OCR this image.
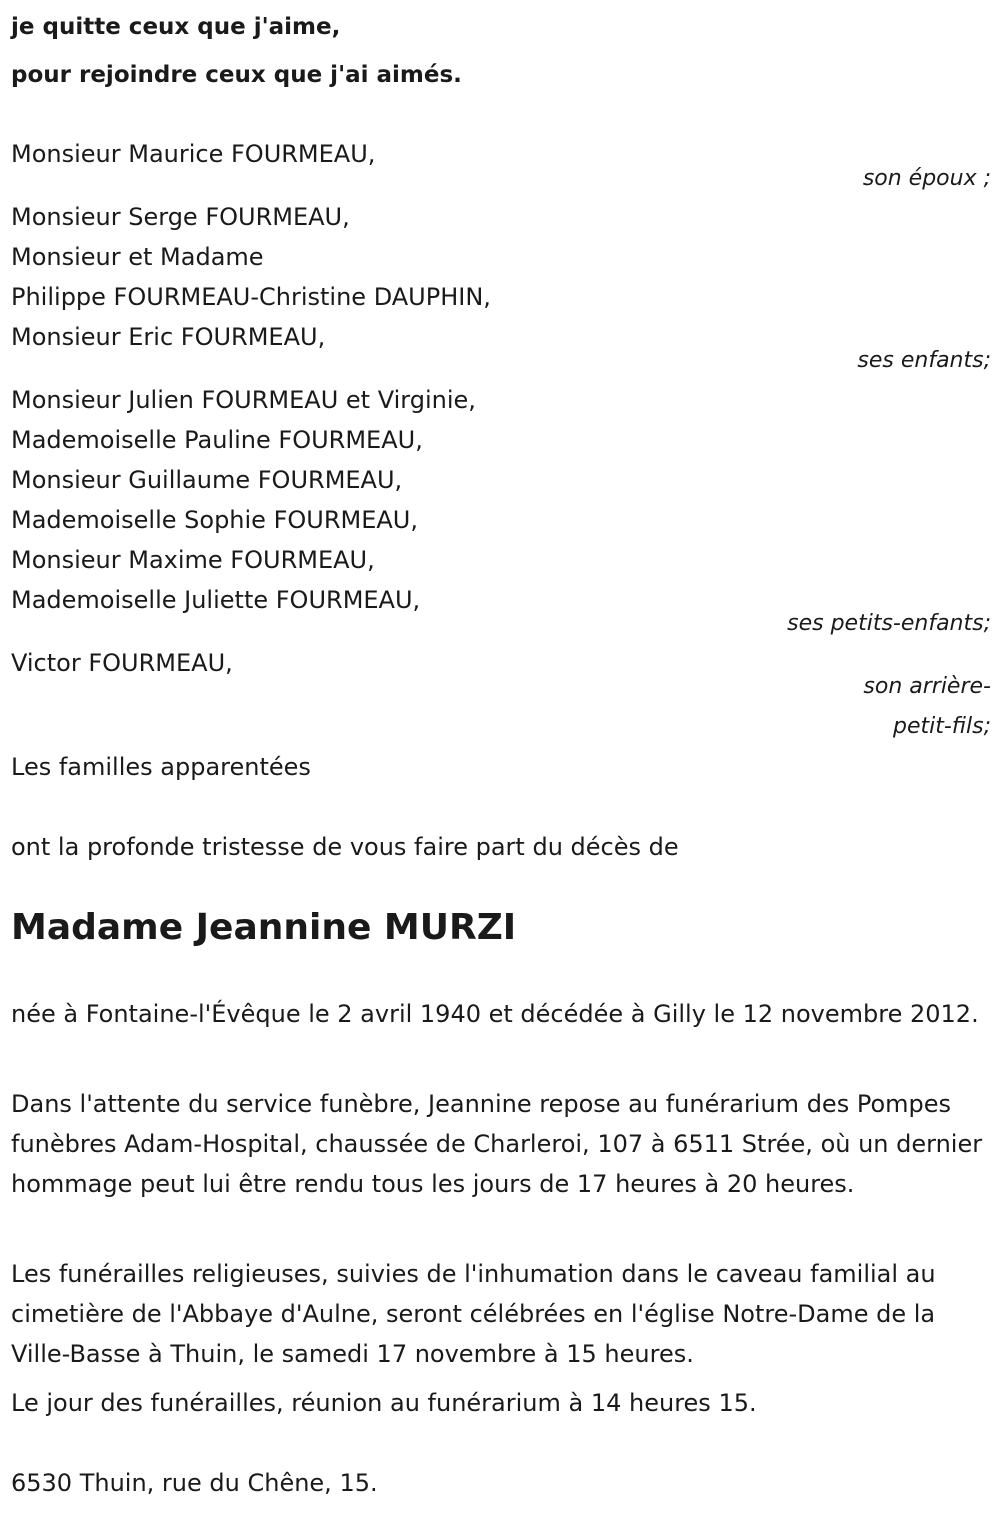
je quitte ceux que j'aime,

pour rejoindre ceux que j'ai aimés.

Monsieur Maurice FOURMEAU,
son époux ;
Monsieur Serge FOURMEAU,
Monsieur et Madame
Philippe FOURMEAU-Christine DAUPHIN,
Monsieur Eric FOURMEAU,
ses enfants;
Monsieur Julien FOURMEAU et Virginie,
Mademoiselle Pauline FOURMEAU,
Monsieur Guillaume FOURMEAU,
Mademoiselle Sophie FOURMEAU,
Monsieur Maxime FOURMEAU,
Mademoiselle Juliette FOURMEAU,
ses petits-enfants;
Victor FOURMEAU,
son arrière-
petit-fils;
Les familles apparentées
ont la profonde tristesse de vous faire part du décès de
Madame Jeannine MURZI
née à Fontaine-l'Évêque le 2 avril 1940 et décédée à Gilly le 12 novembre 2012.
Dans l'attente du service funèbre, Jeannine repose au funérarium des Pompes funèbres Adam-Hospital, chaussée de Charleroi, 107 à 6511 Strée, où un dernier hommage peut lui être rendu tous les jours de 17 heures à 20 heures.
Les funérailles religieuses, suivies de l'inhumation dans le caveau familial au cimetière de l'Abbaye d'Aulne, seront célébrées en l'église Notre-Dame de la Ville-Basse à Thuin, le samedi 17 novembre à 15 heures.
Le jour des funérailles, réunion au funérarium à 14 heures 15.
6530 Thuin, rue du Chêne, 15.
